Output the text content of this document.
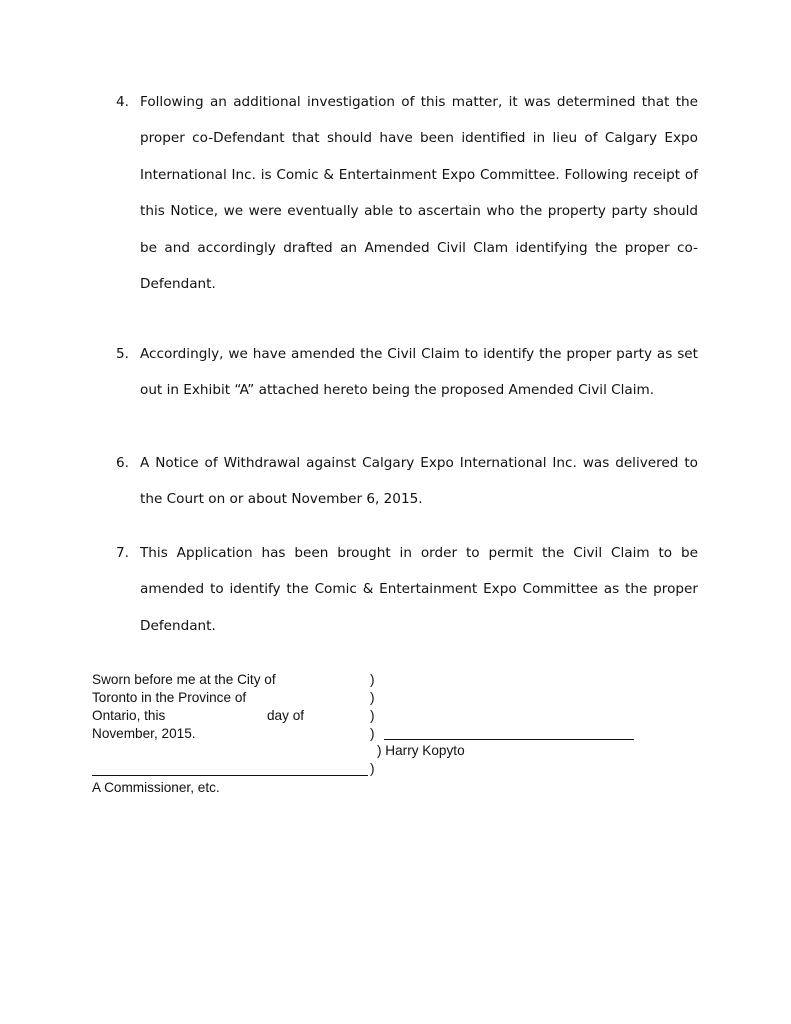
4. Following an additional investigation of this matter, it was determined that the proper co-Defendant that should have been identified in lieu of Calgary Expo International Inc. is Comic & Entertainment Expo Committee. Following receipt of this Notice, we were eventually able to ascertain who the property party should be and accordingly drafted an Amended Civil Clam identifying the proper co-Defendant.
5. Accordingly, we have amended the Civil Claim to identify the proper party as set out in Exhibit “A” attached hereto being the proposed Amended Civil Claim.
6. A Notice of Withdrawal against Calgary Expo International Inc. was delivered to the Court on or about November 6, 2015.
7. This Application has been brought in order to permit the Civil Claim to be amended to identify the Comic & Entertainment Expo Committee as the proper Defendant.
Sworn before me at the City of
Toronto in the Province of
Ontario, this	day of
November, 2015.
A Commissioner, etc.
)
)
)
)
)
) Harry Kopyto
